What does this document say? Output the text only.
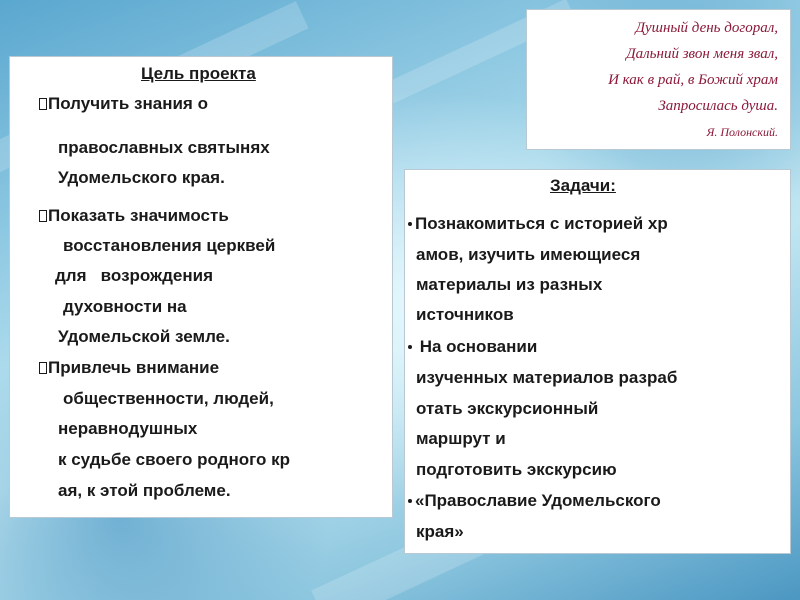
Душный день догорал,
Дальний звон меня звал,
И как в рай, в Божий храм
Запросилась душа.
Я. Полонский.
Цель проекта
Получить знания о
православных святынях
Удомельского края.
Показать значимость
восстановления церквей
для   возрождения
духовности на
Удомельской земле.
Привлечь внимание
общественности, людей,
неравнодушных
к судьбе своего родного кр
ая, к этой проблеме.
Задачи:
Познакомиться с историей хр
амов, изучить имеющиеся
материалы из разных
источников
На основании
изученных материалов разраб
отать экскурсионный
маршрут и
подготовить экскурсию
«Православие Удомельского
края»
